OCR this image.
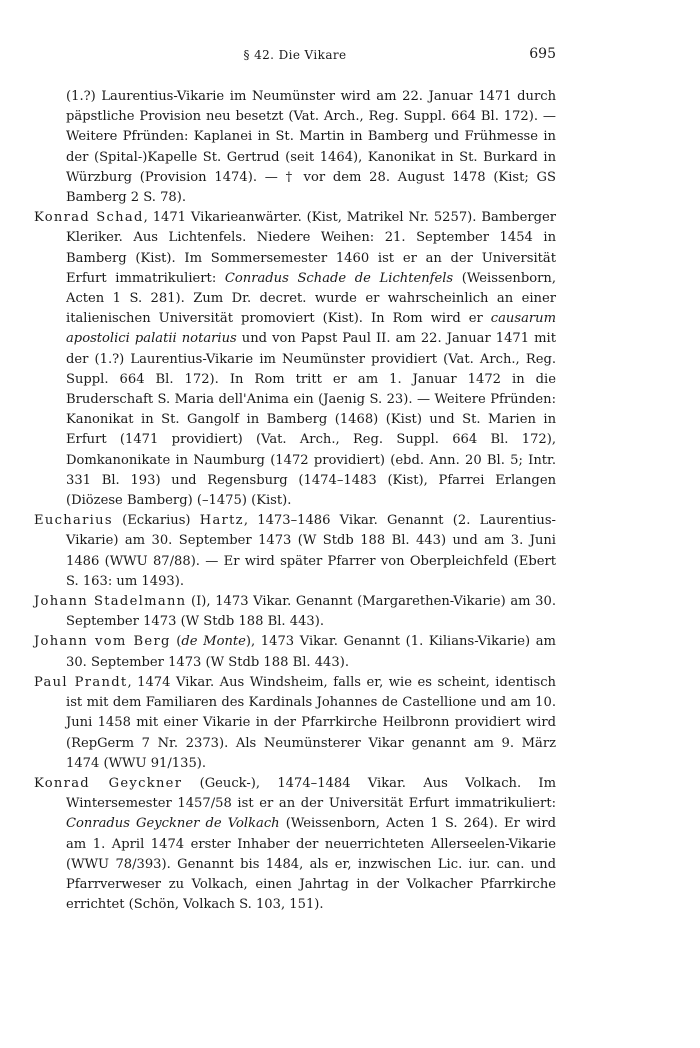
§ 42. Die Vikare	695

(1.?) Laurentius-Vikarie im Neumünster wird am 22. Januar 1471 durch päpstliche Provision neu besetzt (Vat. Arch., Reg. Suppl. 664 Bl. 172). — Weitere Pfründen: Kaplanei in St. Martin in Bamberg und Frühmesse in der (Spital-)Kapelle St. Gertrud (seit 1464), Kanonikat in St. Burkard in Würzburg (Provision 1474). — † vor dem 28. August 1478 (Kist; GS Bamberg 2 S. 78).

Konrad Schad, 1471 Vikarieanwärter. (Kist, Matrikel Nr. 5257). Bamberger Kleriker. Aus Lichtenfels. Niedere Weihen: 21. September 1454 in Bamberg (Kist). Im Sommersemester 1460 ist er an der Universität Erfurt immatrikuliert: Conradus Schade de Lichtenfels (Weissenborn, Acten 1 S. 281). Zum Dr. decret. wurde er wahrscheinlich an einer italienischen Universität promoviert (Kist). In Rom wird er causarum apostolici palatii notarius und von Papst Paul II. am 22. Januar 1471 mit der (1.?) Laurentius-Vikarie im Neumünster providiert (Vat. Arch., Reg. Suppl. 664 Bl. 172). In Rom tritt er am 1. Januar 1472 in die Bruderschaft S. Maria dell'Anima ein (Jaenig S. 23). — Weitere Pfründen: Kanonikat in St. Gangolf in Bamberg (1468) (Kist) und St. Marien in Erfurt (1471 providiert) (Vat. Arch., Reg. Suppl. 664 Bl. 172), Domkanonikate in Naumburg (1472 providiert) (ebd. Ann. 20 Bl. 5; Intr. 331 Bl. 193) und Regensburg (1474–1483 (Kist), Pfarrei Erlangen (Diözese Bamberg) (–1475) (Kist).

Eucharius (Eckarius) Hartz, 1473–1486 Vikar. Genannt (2. Laurentius-Vikarie) am 30. September 1473 (W Stdb 188 Bl. 443) und am 3. Juni 1486 (WWU 87/88). — Er wird später Pfarrer von Oberpleichfeld (Ebert S. 163: um 1493).

Johann Stadelmann (I), 1473 Vikar. Genannt (Margarethen-Vikarie) am 30. September 1473 (W Stdb 188 Bl. 443).

Johann vom Berg (de Monte), 1473 Vikar. Genannt (1. Kilians-Vikarie) am 30. September 1473 (W Stdb 188 Bl. 443).

Paul Prandt, 1474 Vikar. Aus Windsheim, falls er, wie es scheint, identisch ist mit dem Familiaren des Kardinals Johannes de Castellione und am 10. Juni 1458 mit einer Vikarie in der Pfarrkirche Heilbronn providiert wird (RepGerm 7 Nr. 2373). Als Neumünsterer Vikar genannt am 9. März 1474 (WWU 91/135).

Konrad Geyckner (Geuck-), 1474–1484 Vikar. Aus Volkach. Im Wintersemester 1457/58 ist er an der Universität Erfurt immatrikuliert: Conradus Geyckner de Volkach (Weissenborn, Acten 1 S. 264). Er wird am 1. April 1474 erster Inhaber der neuerrichteten Allerseelen-Vikarie (WWU 78/393). Genannt bis 1484, als er, inzwischen Lic. iur. can. und Pfarrverweser zu Volkach, einen Jahrtag in der Volkacher Pfarrkirche errichtet (Schön, Volkach S. 103, 151).
